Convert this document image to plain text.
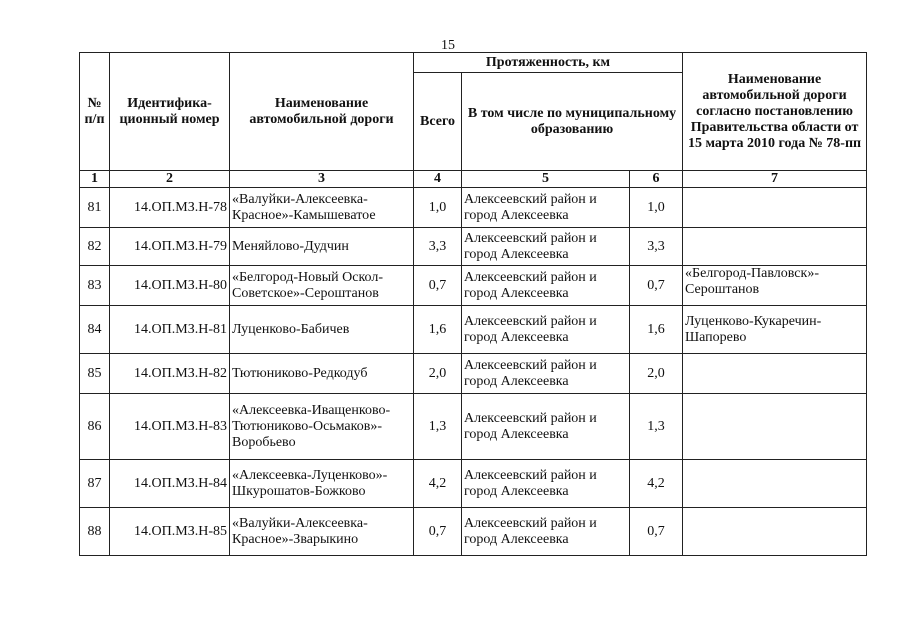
15
№ п/п	Идентифика-ционный номер	Наименование автомобильной дороги	Протяженность, км			Наименование автомобильной дороги согласно постановлению Правительства области от 15 марта 2010 года № 78-пп
			Всего	В том числе по муниципальному образованию		
1	2	3	4	5	6	7
81	14.ОП.МЗ.Н-78	«Валуйки-Алексеевка-Красное»-Камышеватое	1,0	Алексеевский район и город Алексеевка	1,0	
82	14.ОП.МЗ.Н-79	Меняйлово-Дудчин	3,3	Алексеевский район и город Алексеевка	3,3	
83	14.ОП.МЗ.Н-80	«Белгород-Новый Оскол-Советское»-Сероштанов	0,7	Алексеевский район и город Алексеевка	0,7	«Белгород-Павловск»-Сероштанов
84	14.ОП.МЗ.Н-81	Луценково-Бабичев	1,6	Алексеевский район и город Алексеевка	1,6	Луценково-Кукаречин-Шапорево
85	14.ОП.МЗ.Н-82	Тютюниково-Редкодуб	2,0	Алексеевский район и город Алексеевка	2,0	
86	14.ОП.МЗ.Н-83	«Алексеевка-Иващенково-Тютюниково-Осьмаков»-Воробьево	1,3	Алексеевский район и город Алексеевка	1,3	
87	14.ОП.МЗ.Н-84	«Алексеевка-Луценково»-Шкурошатов-Божково	4,2	Алексеевский район и город Алексеевка	4,2	
88	14.ОП.МЗ.Н-85	«Валуйки-Алексеевка-Красное»-Зварыкино	0,7	Алексеевский район и город Алексеевка	0,7	
